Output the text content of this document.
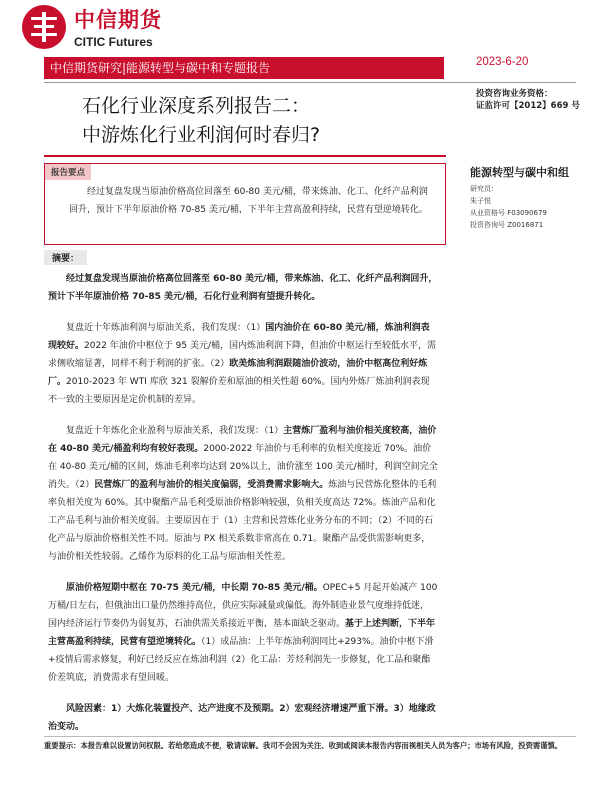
中信期货
CITIC Futures
中信期货研究|能源转型与碳中和专题报告	2023-6-20
石化行业深度系列报告二：
中游炼化行业利润何时春归?
投资咨询业务资格：
证监许可【2012】669 号
能源转型与碳中和组
研究员：
朱子悦
从业资格号 F03090679
投资咨询号 Z0016871
报告要点
经过复盘发现当原油价格高位回落至 60-80 美元/桶，带来炼油、化工、化纤产品利润回升，预计下半年原油价格 70-85 美元/桶，下半年主营高盈利持续，民营有望逆境转化。
摘要：

经过复盘发现当原油价格高位回落至 60-80 美元/桶，带来炼油、化工、化纤产品利润回升，预计下半年原油价格 70-85 美元/桶，石化行业利润有望提升转化。

复盘近十年炼油利润与原油关系，我们发现：（1）国内油价在 60-80 美元/桶，炼油利润表现较好。2022 年油价中枢位于 95 美元/桶，国内炼油利润下降，但油价中枢运行至较低水平，需求侧收缩显著，同样不利于利润的扩张。（2）欧美炼油利润跟随油价波动，油价中枢高位利好炼厂。2010-2023 年 WTI 库欣 321 裂解价差和原油的相关性超 60%。国内外炼厂炼油利润表现不一致的主要原因是定价机制的差异。

复盘近十年炼化企业盈利与原油关系，我们发现：（1）主营炼厂盈利与油价相关度较高，油价在 40-80 美元/桶盈利均有较好表现。2000-2022 年油价与毛利率的负相关度接近 70%。油价在 40-80 美元/桶的区间，炼油毛利率均达到 20%以上，油价涨至 100 美元/桶时，利润空间完全消失。（2）民营炼厂的盈利与油价的相关度偏弱，受消费需求影响大。炼油与民营炼化整体的毛利率负相关度为 60%。其中聚酯产品毛利受原油价格影响较强，负相关度高达 72%。炼油产品和化工产品毛利与油价相关度弱。主要原因在于（1）主营和民营炼化业务分布的不同；（2）不同的石化产品与原油价格相关性不同。原油与 PX 相关系数非常高在 0.71。聚酯产品受供需影响更多，与油价相关性较弱。乙烯作为原料的化工品与原油相关性差。

原油价格短期中枢在 70-75 美元/桶，中长期 70-85 美元/桶。OPEC+5 月起开始减产 100 万桶/日左右，但俄油出口量仍然维持高位，供应实际减量或偏低。海外制造业景气度维持低迷，国内经济运行节奏仍为弱复苏，石油供需关系接近平衡，基本面缺乏驱动。基于上述判断，下半年主营高盈利持续，民营有望逆境转化。（1）成品油：上半年炼油利润同比+293%。油价中枢下滑+疫情后需求修复，利好已经反应在炼油利润（2）化工品：芳烃利润先一步修复，化工品和聚酯价差筑底，消费需求有望回暖。

风险因素：1）大炼化装置投产、达产进度不及预期。2）宏观经济增速严重下滑。3）地缘政治变动。

重要提示：本报告难以设置访问权限。若给您造成不便，敬请谅解。我司不会因为关注、收到或阅读本报告内容而视相关人员为客户；市场有风险，投资需谨慎。
